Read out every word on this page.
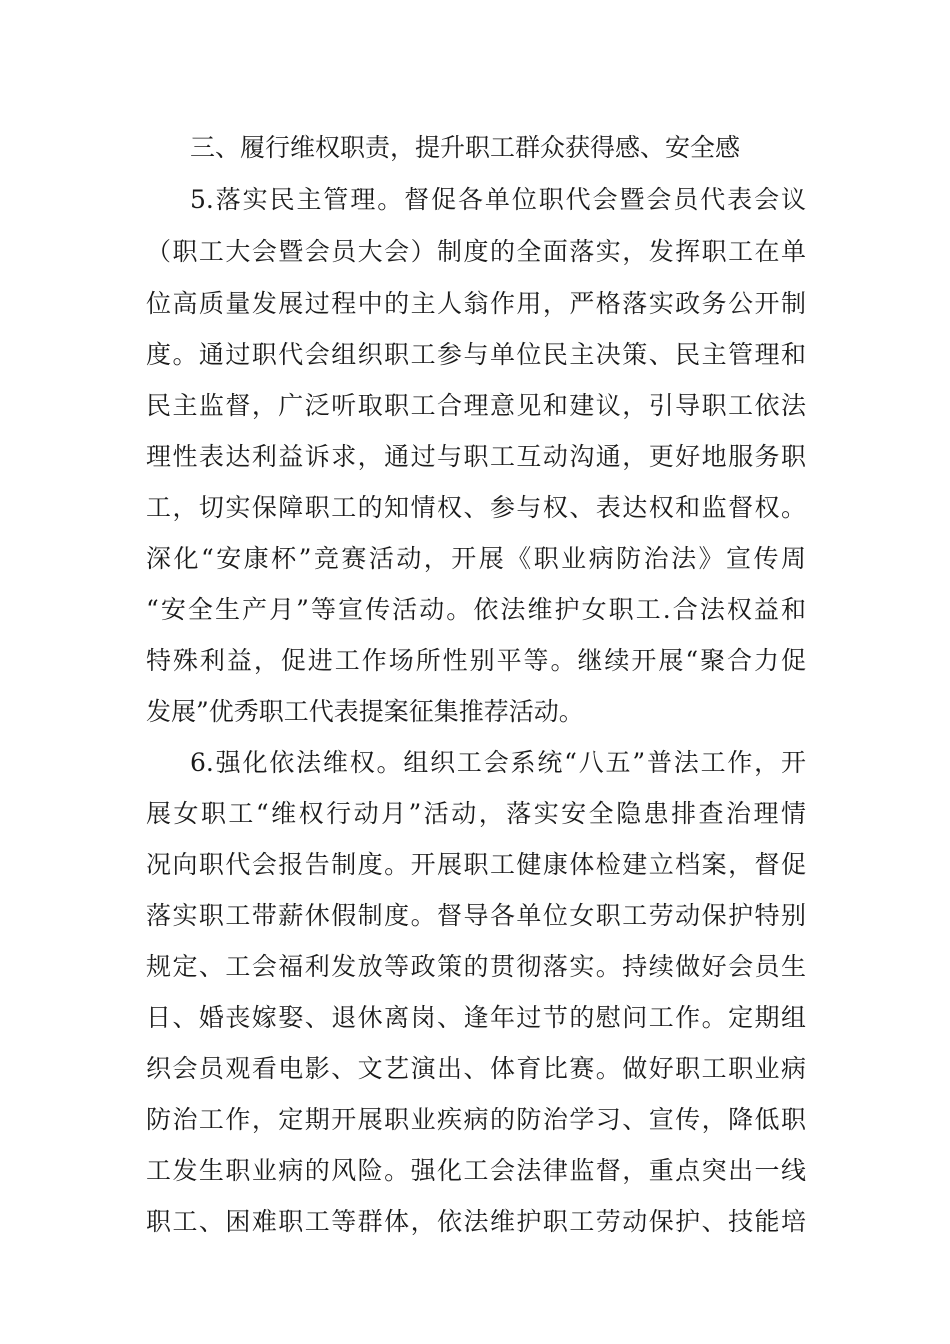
三、履行维权职责，提升职工群众获得感、安全感
5.落实民主管理。督促各单位职代会暨会员代表会议
（职工大会暨会员大会）制度的全面落实，发挥职工在单
位高质量发展过程中的主人翁作用，严格落实政务公开制
度。通过职代会组织职工参与单位民主决策、民主管理和
民主监督，广泛听取职工合理意见和建议，引导职工依法
理性表达利益诉求，通过与职工互动沟通，更好地服务职
工，切实保障职工的知情权、参与权、表达权和监督权。
深化“安康杯”竞赛活动，开展《职业病防治法》宣传周
“安全生产月”等宣传活动。依法维护女职工.合法权益和
特殊利益，促进工作场所性别平等。继续开展“聚合力促
发展”优秀职工代表提案征集推荐活动。
6.强化依法维权。组织工会系统“八五”普法工作，开
展女职工“维权行动月”活动，落实安全隐患排查治理情
况向职代会报告制度。开展职工健康体检建立档案，督促
落实职工带薪休假制度。督导各单位女职工劳动保护特别
规定、工会福利发放等政策的贯彻落实。持续做好会员生
日、婚丧嫁娶、退休离岗、逢年过节的慰问工作。定期组
织会员观看电影、文艺演出、体育比赛。做好职工职业病
防治工作，定期开展职业疾病的防治学习、宣传，降低职
工发生职业病的风险。强化工会法律监督，重点突出一线
职工、困难职工等群体，依法维护职工劳动保护、技能培
